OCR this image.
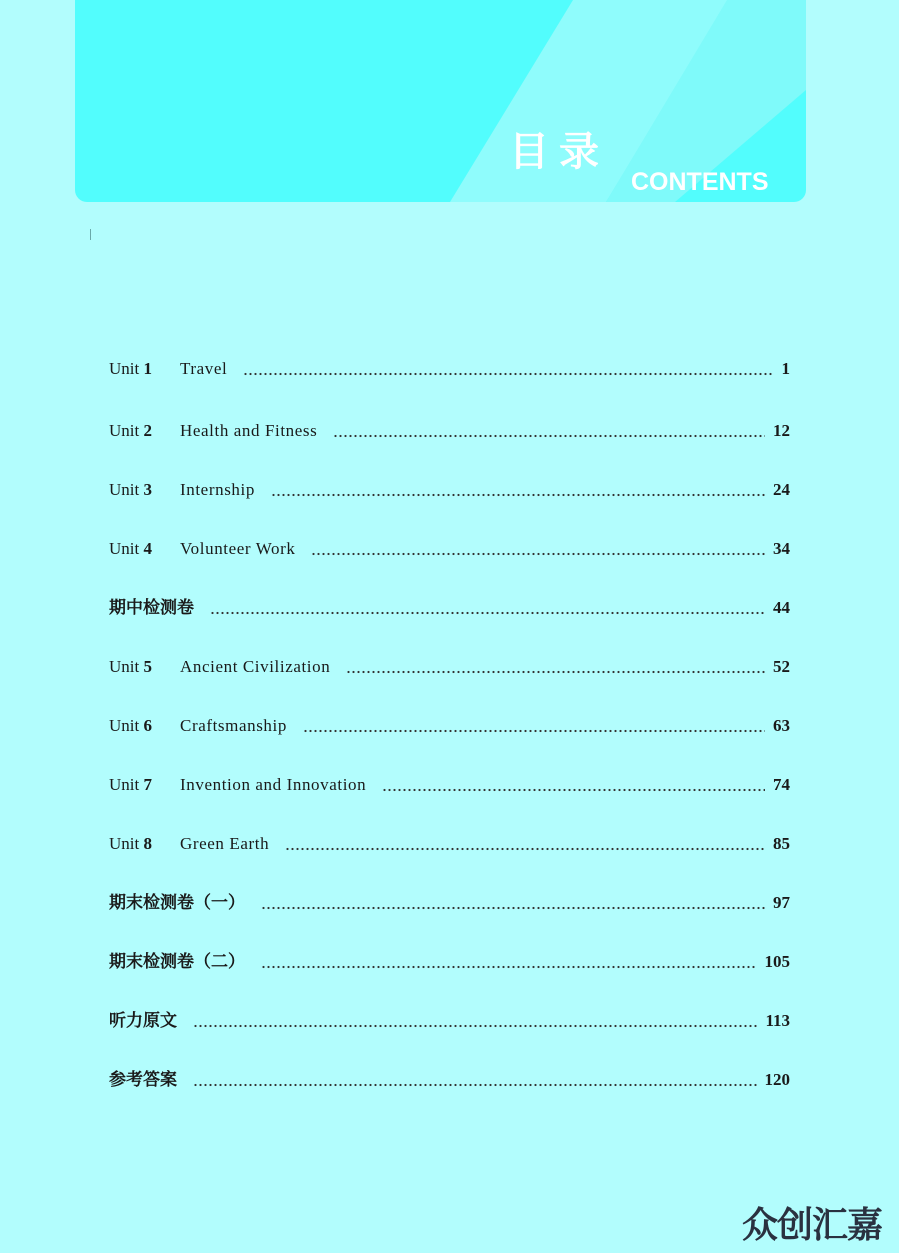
目录
CONTENTS
Unit 1	Travel	1
Unit 2	Health and Fitness	12
Unit 3	Internship	24
Unit 4	Volunteer Work	34
期中检测卷	44
Unit 5	Ancient Civilization	52
Unit 6	Craftsmanship	63
Unit 7	Invention and Innovation	74
Unit 8	Green Earth	85
期末检测卷（一）	97
期末检测卷（二）	105
听力原文	113
参考答案	120
众创汇嘉
